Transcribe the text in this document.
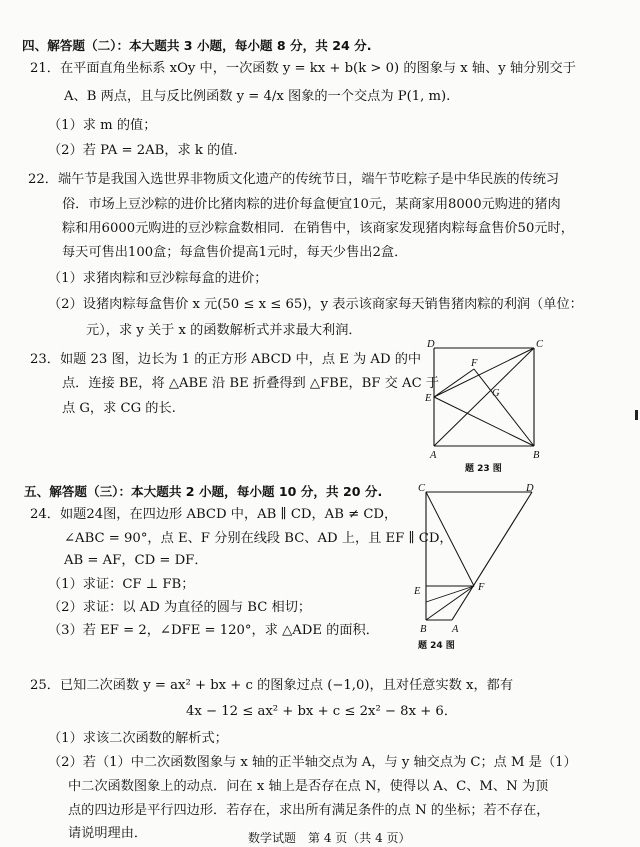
四、解答题（二）：本大题共 3 小题，每小题 8 分，共 24 分.
21．在平面直角坐标系 xOy 中，一次函数 y = kx + b(k > 0) 的图象与 x 轴、y 轴分别交于
A、B 两点，且与反比例函数 y = 4/x 图象的一个交点为 P(1, m).
（1）求 m 的值；
（2）若 PA = 2AB，求 k 的值.
22．端午节是我国入选世界非物质文化遗产的传统节日，端午节吃粽子是中华民族的传统习
俗．市场上豆沙粽的进价比猪肉粽的进价每盒便宜10元，某商家用8000元购进的猪肉
粽和用6000元购进的豆沙粽盒数相同．在销售中，该商家发现猪肉粽每盒售价50元时，
每天可售出100盒；每盒售价提高1元时，每天少售出2盒．
（1）求猪肉粽和豆沙粽每盒的进价；
（2）设猪肉粽每盒售价 x 元(50 ≤ x ≤ 65)，y 表示该商家每天销售猪肉粽的利润（单位：
元），求 y 关于 x 的函数解析式并求最大利润．
23．如题 23 图，边长为 1 的正方形 ABCD 中，点 E 为 AD 的中
点．连接 BE，将 △ABE 沿 BE 折叠得到 △FBE，BF 交 AC 于
点 G，求 CG 的长.
D	C
E
F
G
A	B
题 23 图
五、解答题（三）：本大题共 2 小题，每小题 10 分，共 20 分.
24．如题24图，在四边形 ABCD 中，AB ∥ CD，AB ≠ CD，
∠ABC = 90°，点 E、F 分别在线段 BC、AD 上，且 EF ∥ CD，
AB = AF，CD = DF．
（1）求证：CF ⊥ FB；
（2）求证：以 AD 为直径的圆与 BC 相切；
（3）若 EF = 2，∠DFE = 120°，求 △ADE 的面积．
C	D
E	F
B A
题 24 图
25．已知二次函数 y = ax² + bx + c 的图象过点 (−1,0)，且对任意实数 x，都有
4x − 12 ≤ ax² + bx + c ≤ 2x² − 8x + 6．
（1）求该二次函数的解析式；
（2）若（1）中二次函数图象与 x 轴的正半轴交点为 A，与 y 轴交点为 C；点 M 是（1）
中二次函数图象上的动点．问在 x 轴上是否存在点 N，使得以 A、C、M、N 为顶
点的四边形是平行四边形．若存在，求出所有满足条件的点 N 的坐标；若不存在，
请说明理由．	数学试题　第 4 页（共 4 页）
